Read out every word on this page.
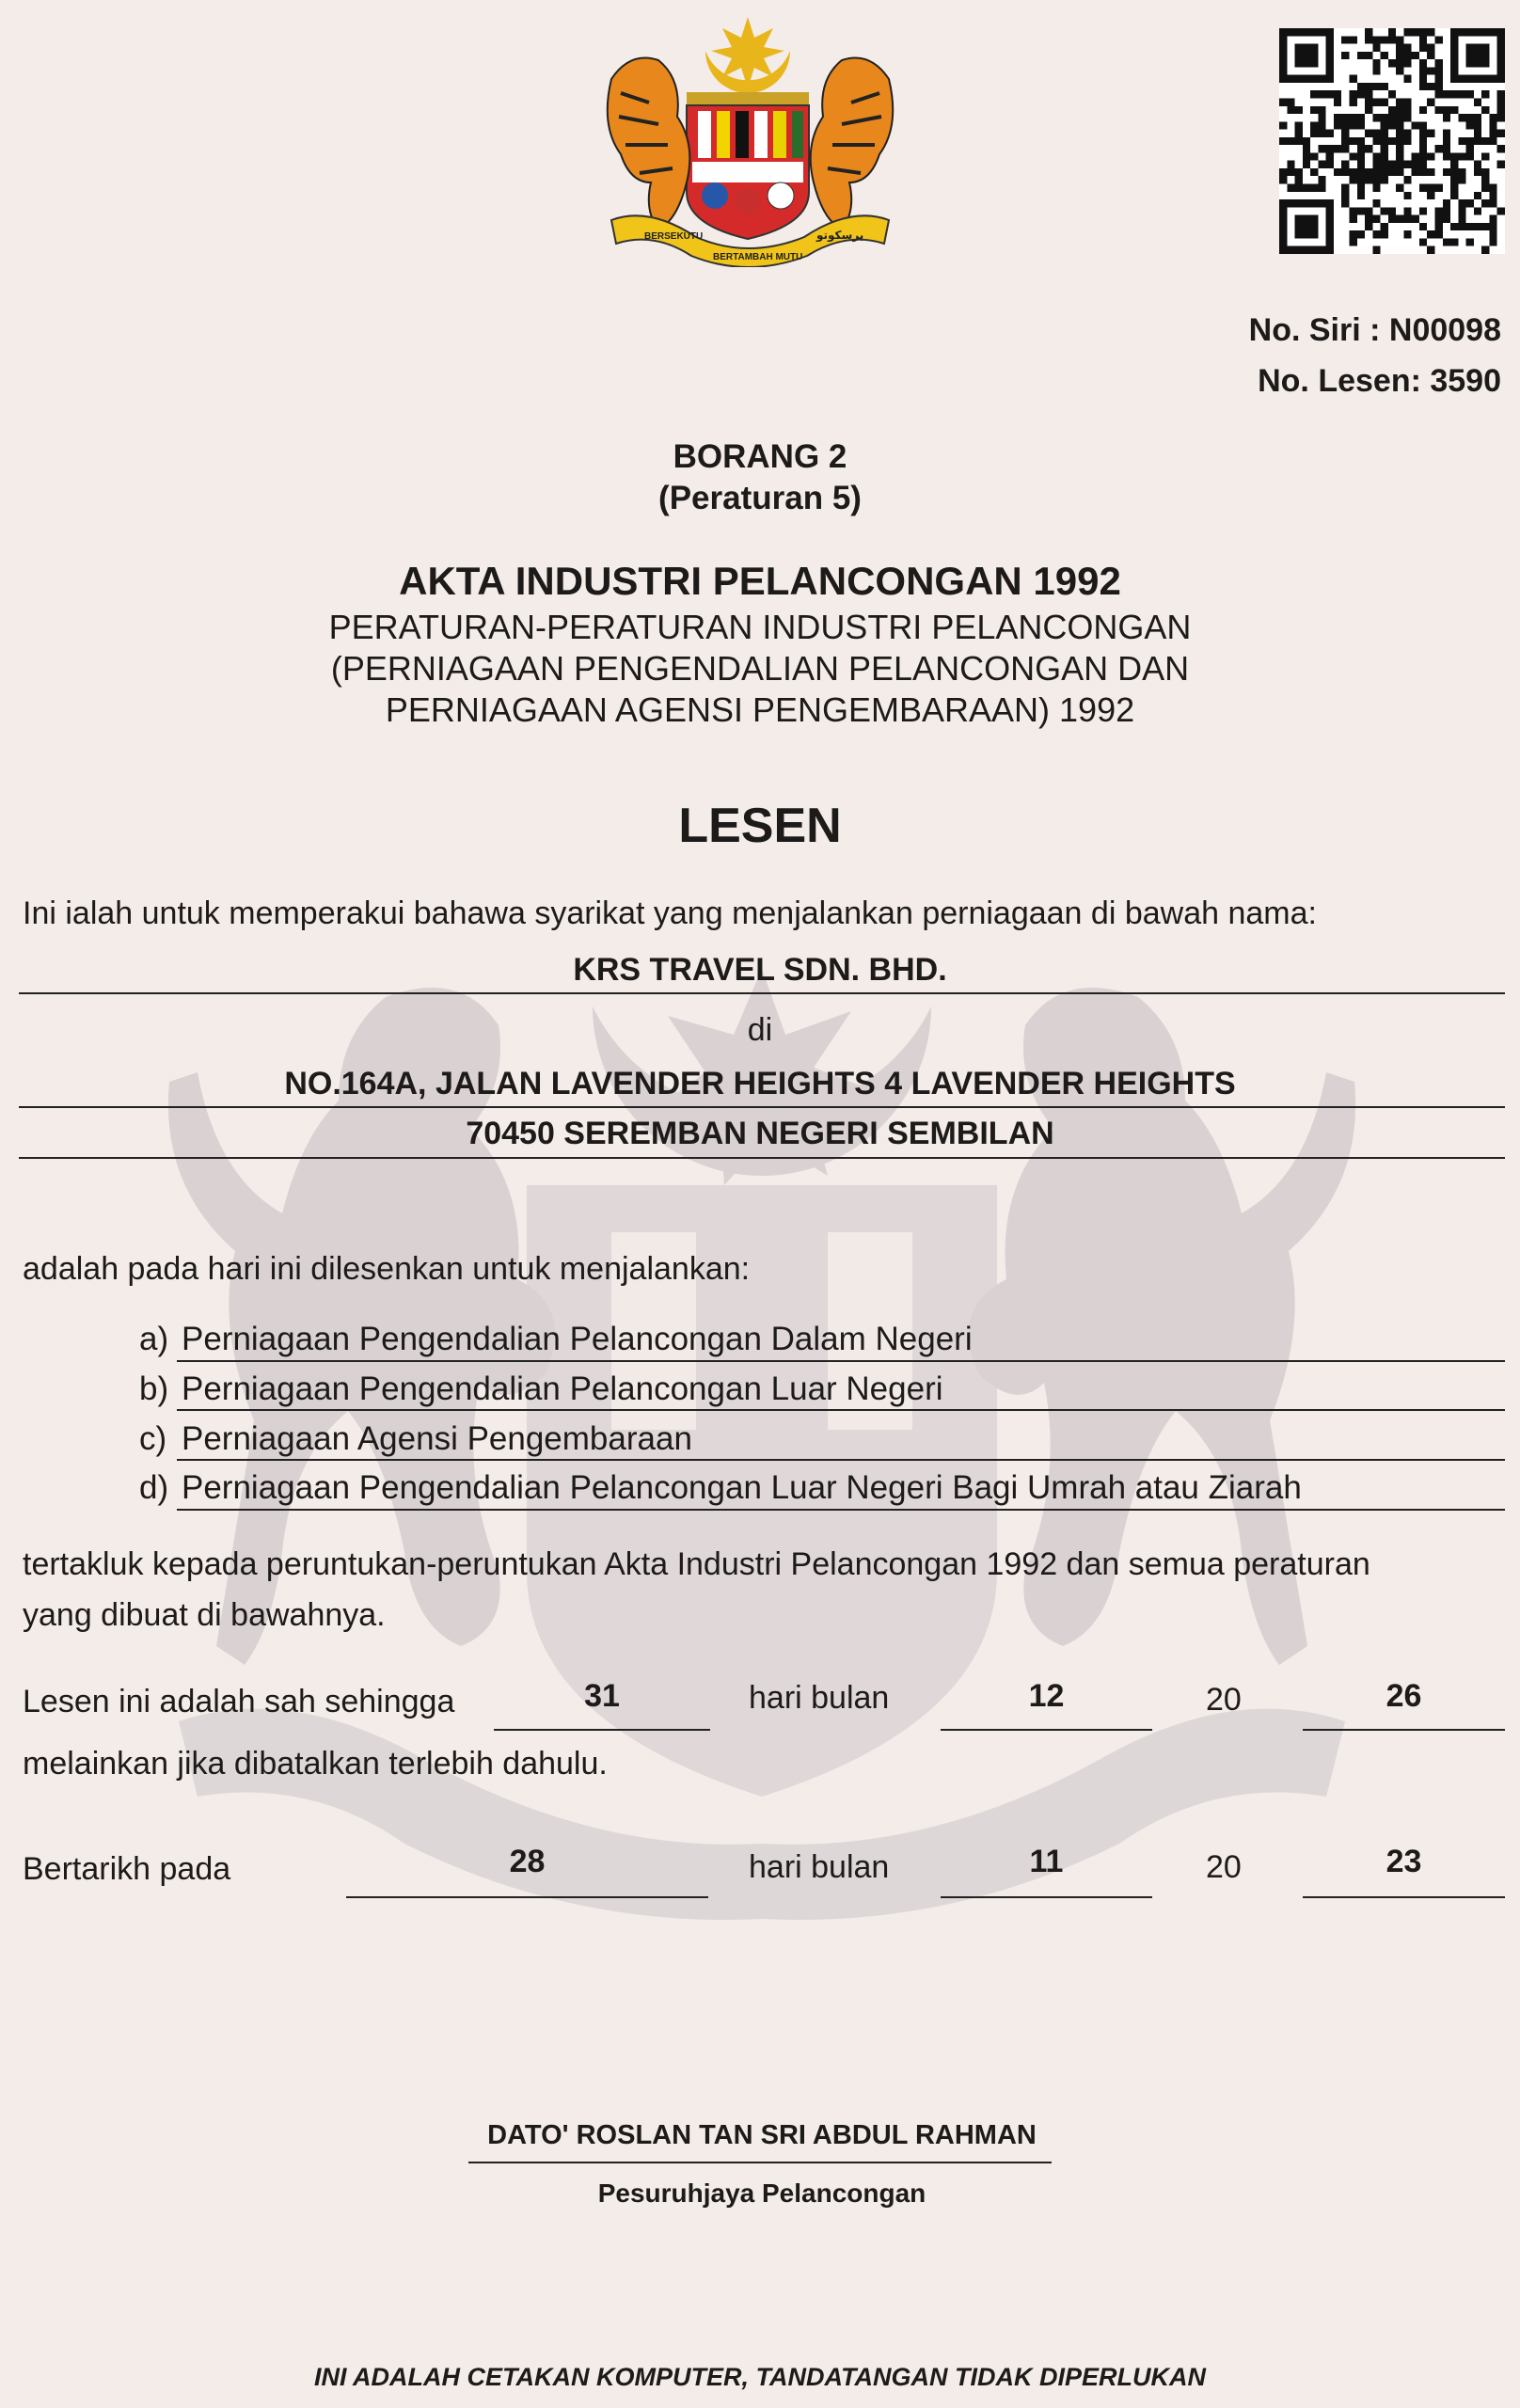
BERSEKUTU
BERTAMBAH MUTU
برسکوتو
No. Siri : N00098
No. Lesen: 3590
BORANG 2
(Peraturan 5)
AKTA INDUSTRI PELANCONGAN 1992
PERATURAN-PERATURAN INDUSTRI PELANCONGAN
(PERNIAGAAN PENGENDALIAN PELANCONGAN DAN
PERNIAGAAN AGENSI PENGEMBARAAN) 1992
LESEN
Ini ialah untuk memperakui bahawa syarikat yang menjalankan perniagaan di bawah nama:
KRS TRAVEL SDN. BHD.
di
NO.164A, JALAN LAVENDER HEIGHTS 4 LAVENDER HEIGHTS
70450 SEREMBAN NEGERI SEMBILAN
adalah pada hari ini dilesenkan untuk menjalankan:
a) Perniagaan Pengendalian Pelancongan Dalam Negeri
b) Perniagaan Pengendalian Pelancongan Luar Negeri
c) Perniagaan Agensi Pengembaraan
d) Perniagaan Pengendalian Pelancongan Luar Negeri Bagi Umrah atau Ziarah
tertakluk kepada peruntukan-peruntukan Akta Industri Pelancongan 1992 dan semua peraturan
yang dibuat di bawahnya.
Lesen ini adalah sah sehingga	31	hari bulan	12	20	26
melainkan jika dibatalkan terlebih dahulu.
Bertarikh pada	28	hari bulan	11	20	23
DATO' ROSLAN TAN SRI ABDUL RAHMAN
Pesuruhjaya Pelancongan
INI ADALAH CETAKAN KOMPUTER, TANDATANGAN TIDAK DIPERLUKAN
